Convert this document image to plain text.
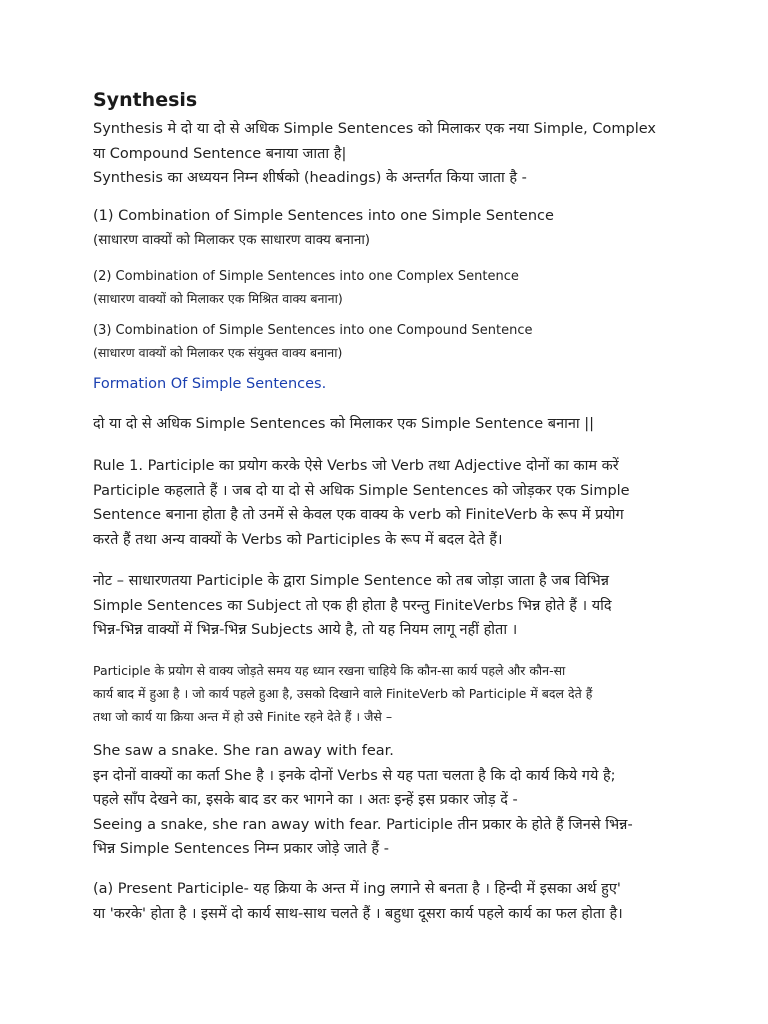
Synthesis
Synthesis मे दो या दो से अधिक Simple Sentences को मिलाकर एक नया Simple, Complex
या Compound Sentence बनाया जाता है|
Synthesis का अध्ययन निम्न शीर्षको (headings) के अन्तर्गत किया जाता है -
(1) Combination of Simple Sentences into one Simple Sentence
(साधारण वाक्यों को मिलाकर एक साधारण वाक्य बनाना)
(2) Combination of Simple Sentences into one Complex Sentence
(साधारण वाक्यों को मिलाकर एक मिश्रित वाक्य बनाना)
(3) Combination of Simple Sentences into one Compound Sentence
(साधारण वाक्यों को मिलाकर एक संयुक्त वाक्य बनाना)
Formation Of Simple Sentences.
दो या दो से अधिक Simple Sentences को मिलाकर एक Simple Sentence बनाना ||
Rule 1. Participle का प्रयोग करके ऐसे Verbs जो Verb तथा Adjective दोनों का काम करें
Participle कहलाते हैं । जब दो या दो से अधिक Simple Sentences को जोड़कर एक Simple
Sentence बनाना होता है तो उनमें से केवल एक वाक्य के verb को FiniteVerb के रूप में प्रयोग
करते हैं तथा अन्य वाक्यों के Verbs को Participles के रूप में बदल देते हैं।
नोट – साधारणतया Participle के द्वारा Simple Sentence को तब जोड़ा जाता है जब विभिन्न
Simple Sentences का Subject तो एक ही होता है परन्तु FiniteVerbs भिन्न होते हैं । यदि
भिन्न-भिन्न वाक्यों में भिन्न-भिन्न Subjects आये है, तो यह नियम लागू नहीं होता ।
Participle के प्रयोग से वाक्य जोड़ते समय यह ध्यान रखना चाहिये कि कौन-सा कार्य पहले और कौन-सा
कार्य बाद में हुआ है । जो कार्य पहले हुआ है, उसको दिखाने वाले FiniteVerb को Participle में बदल देते हैं
तथा जो कार्य या क्रिया अन्त में हो उसे Finite रहने देते हैं । जैसे –
She saw a snake. She ran away with fear.
इन दोनों वाक्यों का कर्ता She है । इनके दोनों Verbs से यह पता चलता है कि दो कार्य किये गये है;
पहले साँप देखने का, इसके बाद डर कर भागने का । अतः इन्हें इस प्रकार जोड़ दें -
Seeing a snake, she ran away with fear. Participle तीन प्रकार के होते हैं जिनसे भिन्न-
भिन्न Simple Sentences निम्न प्रकार जोड़े जाते हैं -
(a) Present Participle- यह क्रिया के अन्त में ing लगाने से बनता है । हिन्दी में इसका अर्थ हुए'
या 'करके' होता है । इसमें दो कार्य साथ-साथ चलते हैं । बहुधा दूसरा कार्य पहले कार्य का फल होता है।
